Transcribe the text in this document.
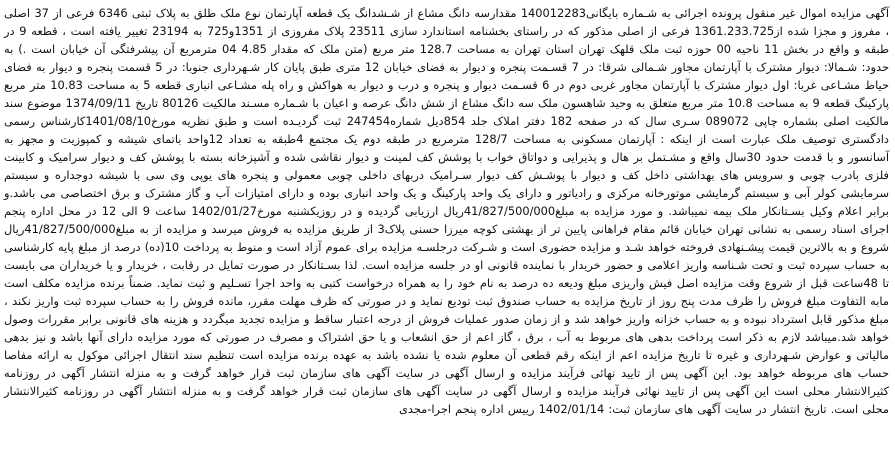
آگهی مزایده اموال غیر منقول پرونده اجرائی به شـماره بایگانی140012283 مقدارسه دانگ مشاع از شـشدانگ یک قطعه آپارتمان نوع ملک طلق به پلاک ثبتی 6346 فرعی از 37 اصلی ، مفروز و مجزا شده از1361.233.725 فرعی از اصلی مذکور که در راستای بخشنامه استاندارد سازی 23511 پلاک مفروزی از 1351و725 به 23194 تغییر یافته است ، قطعه 9 در طبقه و واقع در بخش 11 ناحیه 00 حوزه ثبت ملک قلهک تهران استان تهران به مساحت 128.7 متر مربع (متن ملک که مقدار 4.85 04 مترمربع آن پیشرفتگی آن خیابان است .) به حدود: شـمالا: دیوار مشترک با آپارتمان مجاور شـمالی شرقا: در 7 قسـمت پنجره و دیوار به فضای خیابان 12 متری طبق پایان کار شـهرداری جنوبا: در 5 قسمت پنجره و دیوار به فضای حیاط مشـاعی غربا: اول دیوار مشترک با آپارتمان مجاور غربی دوم در 6 قسـمت دیوار و پنجره و درب و دیوار به هواکش و راه پله مشـاعی انباری قطعه 5 به مساحت 10.83 متر مربع پارکینگ قطعه 9 به مساحت 10.8 متر مربع متعلق به وحید شاهسون ملک سه دانگ مشاع از شش دانگ عرصه و اعیان با شـماره مسـند مالکیت 80126 تاریخ 1374/09/11 موضوع سند مالکیت اصلی بشماره چاپی 089072 سـری سال که در صفحه 182 دفتر املاک جلد 854دیل شماره247454 ثبت گردیـده است و طبق نظریه مورخ1401/08/10کارشناس رسمی دادگستری توصیف ملک عبارت است از اینکه : آپارتمان مسکونی به مساحت 128/7 مترمربع در طبقه دوم یک مجتمع 4طبقه به تعداد 12واحد باتمای شیشه و کمپوزیت و مجهز به آسانسور و با قدمت حدود 30سال واقع و مشـتمل بر هال و پذیرایی و دواتاق خواب با پوشش کف لمینت و دیوار نقاشی شده و آشپزخانه بسته با پوشش کف و دیوار سرامیک و کابینت فلزی بادرب چوبی و سرویس های بهداشتی داخل کف و دیوار با پوشـش کف دیوار سـرامیک دربهای داخلی چوبی معمولی و پنجره های یوپی وی سی با شیشه دوجداره و سیستم سرمایشی کولر آبی و سیستم گرمایشی موتورخانه مرکزی و رادیاتور و دارای یک واحد پارکینگ و یک واحد انباری بوده و دارای امتیازات آب و گاز مشترک و برق اختصاصی می باشد.و برابر اعلام وکیل بسـتانکار ملک بیمه نمیباشد. و مورد مزایده به مبلغ41/827/500/000ریال ارزیابی گردیده و در روزیکشنبه مورخ1402/01/27 ساعت 9 الی 12 در محل اداره پنجم اجرای اسناد رسمی به نشانی تهران خیابان قائم مقام فراهانی پایین تر از بهشتی کوچه میرزا حسنی پلاک3 از طریق مزایده به فروش میرسد و مزایده از به مبلغ41/827/500/000ریال شروع و به بالاترین قیمت پیشـنهادی فروخته خواهد شـد و مزایده حضوری است و شـرکت درجلسـه مزایده برای عموم آزاد است و منوط به پرداخت 10(ده) درصد از مبلغ پایه کارشناسی به حساب سپرده ثبت و تحت شـناسه واریز اعلامی و حضور خریدار با نماینده قانونی او در جلسه مزایده است. لذا بسـتانکار در صورت تمایل در رقابت ، خریدار و یا خریداران می بایست تا 48ساعت قبل از شروع وقت مزایده اصل فیش واریزی مبلغ ودیعه ده درصد به نام خود را به همراه درخواست کتبی به واحد اجرا تسـلیم و ثبت نماید. ضمناً برنده مزایده مکلف است مابه التفاوت مبلغ فروش را ظرف مدت پنج روز از تاریخ مزایده به حساب صندوق ثبت تودیع نماید و در صورتی که ظرف مهلت مقرر، مانده فروش را به حساب سپرده ثبت واریز نکند ، مبلغ مذکور قابل استرداد نبوده و به حساب خزانه واریز خواهد شد و از زمان صدور عملیات فروش از درجه اعتبار ساقط و مزایده تجدید میگردد و هزینه های قانونی برابر مقررات وصول خواهد شد.میباشد لازم به ذکر است پرداخت بدهی های مربوط به آب ، برق ، گاز اعم از حق انشعاب و یا حق اشتراک و مصرف در صورتی که مورد مزایده دارای آنها باشد و نیز بدهی مالیاتی و عوارض شـهرداری و غیره تا تاریخ مزایده اعم از اینکه رقم قطعی آن معلوم شده یا نشده باشد به عهده برنده مزایده است تنظیم سند انتقال اجرائی موکول به ارائه مفاصا حساب های مربوطه خواهد بود. این آگهی پس از تایید نهائی فرآیند مزایده و ارسال آگهی در سایت آگهی های سازمان ثبت قرار خواهد گرفت و به منزله انتشار آگهی در روزنامه کثیرالانتشار محلی است این آگهی پس از تایید نهائی فرآیند مزایده و ارسال آگهی در سایت آگهی های سازمان ثبت قرار خواهد گرفت و به منزله انتشار آگهی در روزنامه کثیرالانتشار محلی است. تاریخ انتشار در سایت آگهی های سازمان ثبت: 1402/01/14 رییس اداره پنجم اجرا-مجدی
